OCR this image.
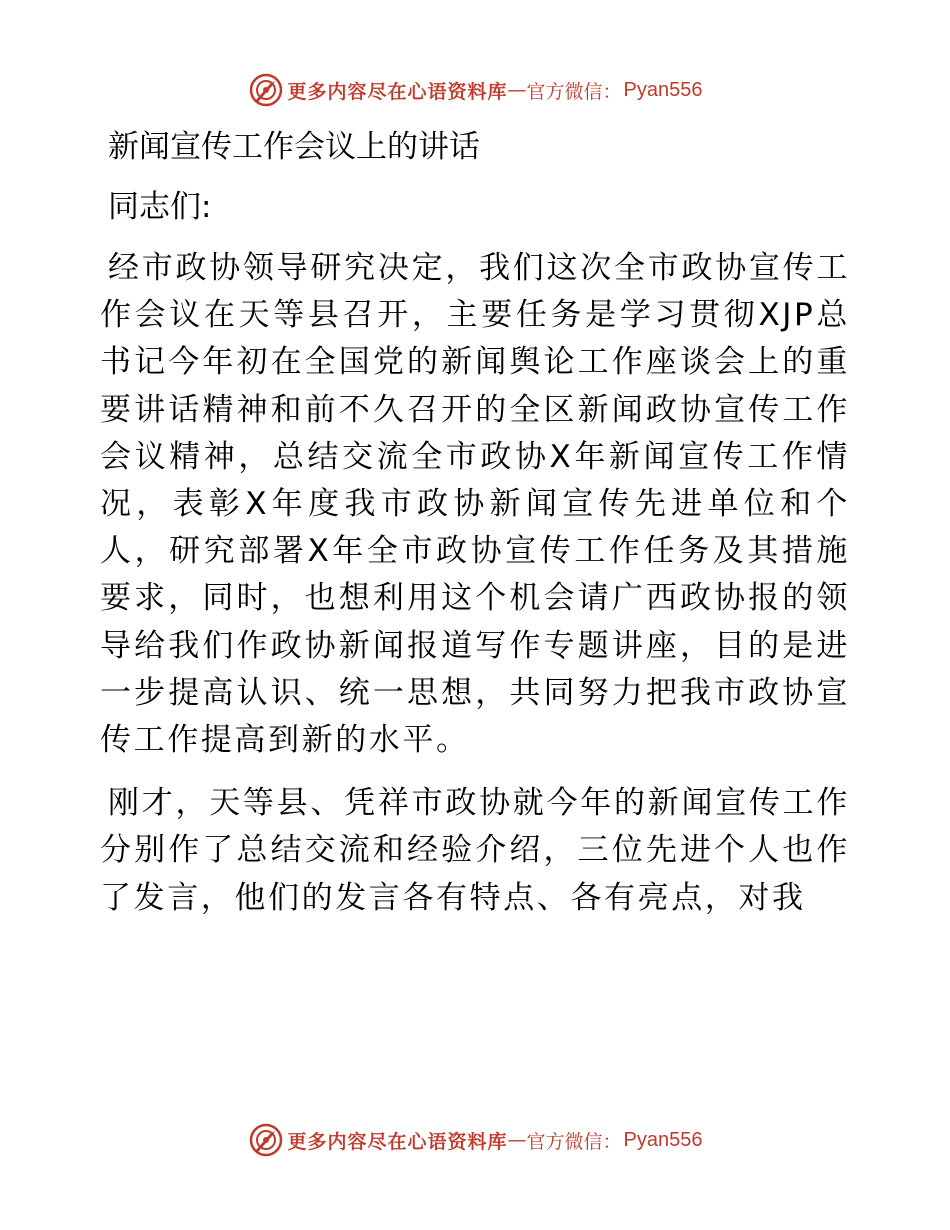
更多内容尽在心语资料库 — 官方微信： Pyan556
新闻宣传工作会议上的讲话

同志们:

经市政协领导研究决定，我们这次全市政协宣传工作会议在天等县召开，主要任务是学习贯彻XJP总书记今年初在全国党的新闻舆论工作座谈会上的重要讲话精神和前不久召开的全区新闻政协宣传工作会议精神，总结交流全市政协X年新闻宣传工作情况，表彰X年度我市政协新闻宣传先进单位和个人，研究部署X年全市政协宣传工作任务及其措施要求，同时，也想利用这个机会请广西政协报的领导给我们作政协新闻报道写作专题讲座，目的是进一步提高认识、统一思想，共同努力把我市政协宣传工作提高到新的水平。

刚才，天等县、凭祥市政协就今年的新闻宣传工作分别作了总结交流和经验介绍，三位先进个人也作了发言，他们的发言各有特点、各有亮点，对我

更多内容尽在心语资料库 — 官方微信： Pyan556
